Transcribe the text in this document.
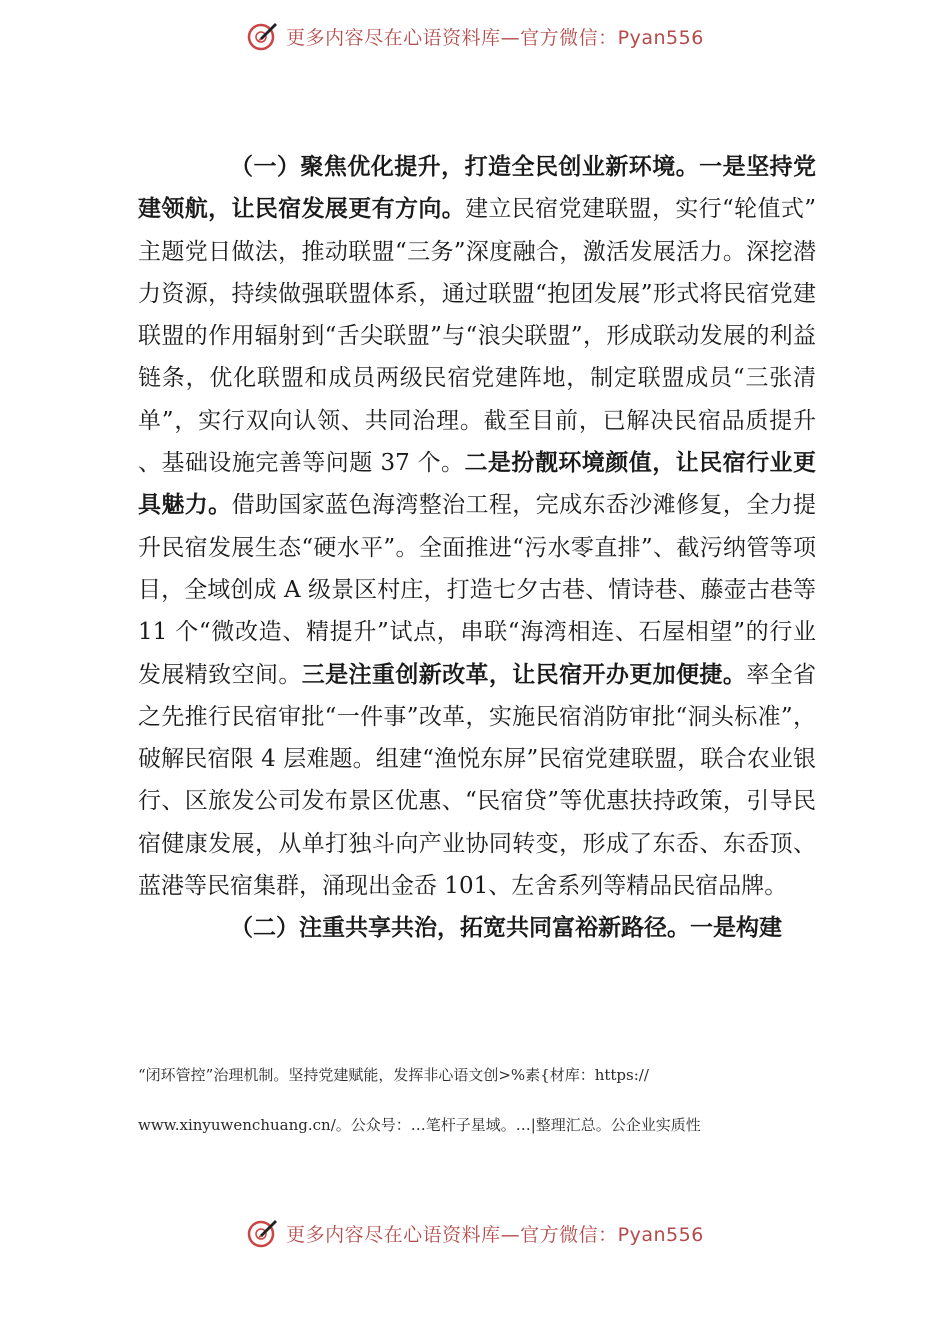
更多内容尽在心语资料库—官方微信：Pyan556

（一）聚焦优化提升，打造全民创业新环境。一是坚持党建领航，让民宿发展更有方向。建立民宿党建联盟，实行“轮值式”主题党日做法，推动联盟“三务”深度融合，激活发展活力。深挖潜力资源，持续做强联盟体系，通过联盟“抱团发展”形式将民宿党建联盟的作用辐射到“舌尖联盟”与“浪尖联盟”，形成联动发展的利益链条，优化联盟和成员两级民宿党建阵地，制定联盟成员“三张清单”，实行双向认领、共同治理。截至目前，已解决民宿品质提升、基础设施完善等问题 37 个。二是扮靓环境颜值，让民宿行业更具魅力。借助国家蓝色海湾整治工程，完成东岙沙滩修复，全力提升民宿发展生态“硬水平”。全面推进“污水零直排”、截污纳管等项目，全域创成 A 级景区村庄，打造七夕古巷、情诗巷、藤壶古巷等 11 个“微改造、精提升”试点，串联“海湾相连、石屋相望”的行业发展精致空间。三是注重创新改革，让民宿开办更加便捷。率全省之先推行民宿审批“一件事”改革，实施民宿消防审批“洞头标准”，破解民宿限 4 层难题。组建“渔悦东屏”民宿党建联盟，联合农业银行、区旅发公司发布景区优惠、“民宿贷”等优惠扶持政策，引导民宿健康发展，从单打独斗向产业协同转变，形成了东岙、东岙顶、蓝港等民宿集群，涌现出金岙 101、左舍系列等精品民宿品牌。

（二）注重共享共治，拓宽共同富裕新路径。一是构建

“闭环管控”治理机制。坚持党建赋能，发挥非心语文创>%素{材库：https://
www.xinyuwenchuang.cn/。公众号：…笔杆子星域。…|整理汇总。公企业实质性
更多内容尽在心语资料库—官方微信：Pyan556
